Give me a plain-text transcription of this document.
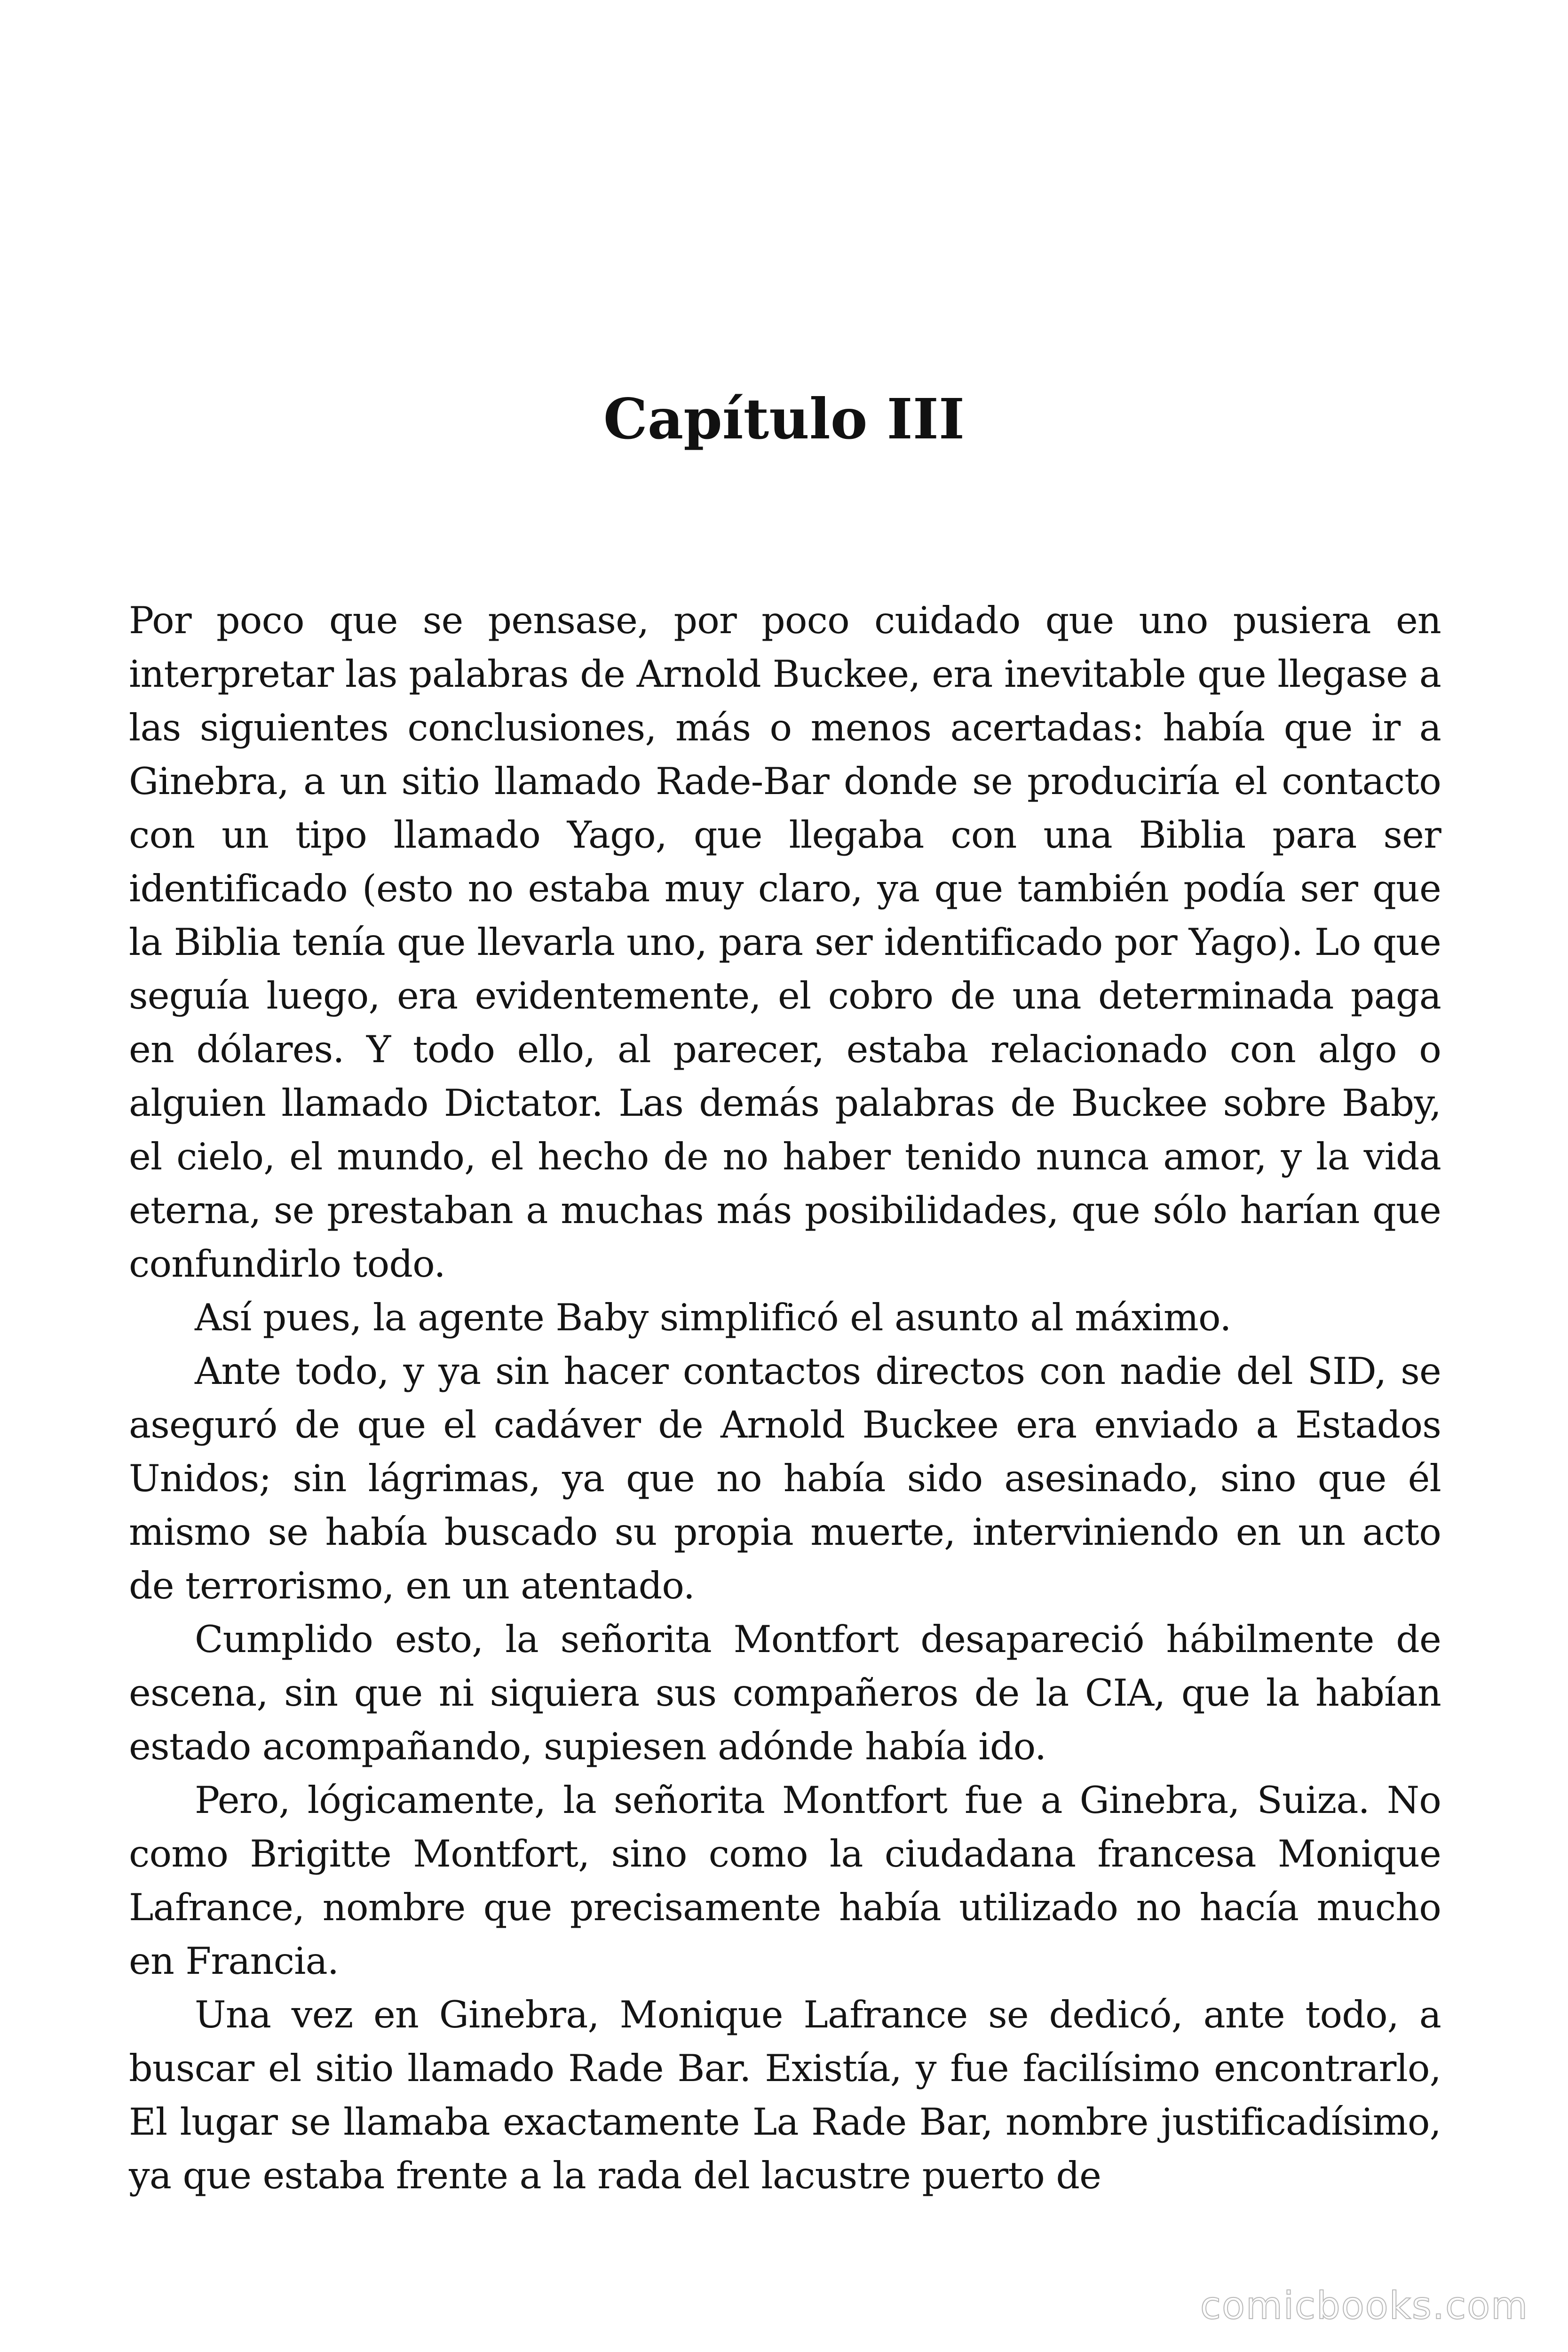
Capítulo III

Por poco que se pensase, por poco cuidado que uno pusiera en interpretar las palabras de Arnold Buckee, era inevitable que llegase a las siguientes conclusiones, más o menos acertadas: había que ir a Ginebra, a un sitio llamado Rade-Bar donde se produciría el contacto con un tipo llamado Yago, que llegaba con una Biblia para ser identificado (esto no estaba muy claro, ya que también podía ser que la Biblia tenía que llevarla uno, para ser identificado por Yago). Lo que seguía luego, era evidentemente, el cobro de una determinada paga en dólares. Y todo ello, al parecer, estaba relacionado con algo o alguien llamado Dictator. Las demás palabras de Buckee sobre Baby, el cielo, el mundo, el hecho de no haber tenido nunca amor, y la vida eterna, se prestaban a muchas más posibilidades, que sólo harían que confundirlo todo.

Así pues, la agente Baby simplificó el asunto al máximo.

Ante todo, y ya sin hacer contactos directos con nadie del SID, se aseguró de que el cadáver de Arnold Buckee era enviado a Estados Unidos; sin lágrimas, ya que no había sido asesinado, sino que él mismo se había buscado su propia muerte, interviniendo en un acto de terrorismo, en un atentado.

Cumplido esto, la señorita Montfort desapareció hábilmente de escena, sin que ni siquiera sus compañeros de la CIA, que la habían estado acompañando, supiesen adónde había ido.

Pero, lógicamente, la señorita Montfort fue a Ginebra, Suiza. No como Brigitte Montfort, sino como la ciudadana francesa Monique Lafrance, nombre que precisamente había utilizado no hacía mucho en Francia.

Una vez en Ginebra, Monique Lafrance se dedicó, ante todo, a buscar el sitio llamado Rade Bar. Existía, y fue facilísimo encontrarlo, El lugar se llamaba exactamente La Rade Bar, nombre justificadísimo, ya que estaba frente a la rada del lacustre puerto de

comicbooks.com
